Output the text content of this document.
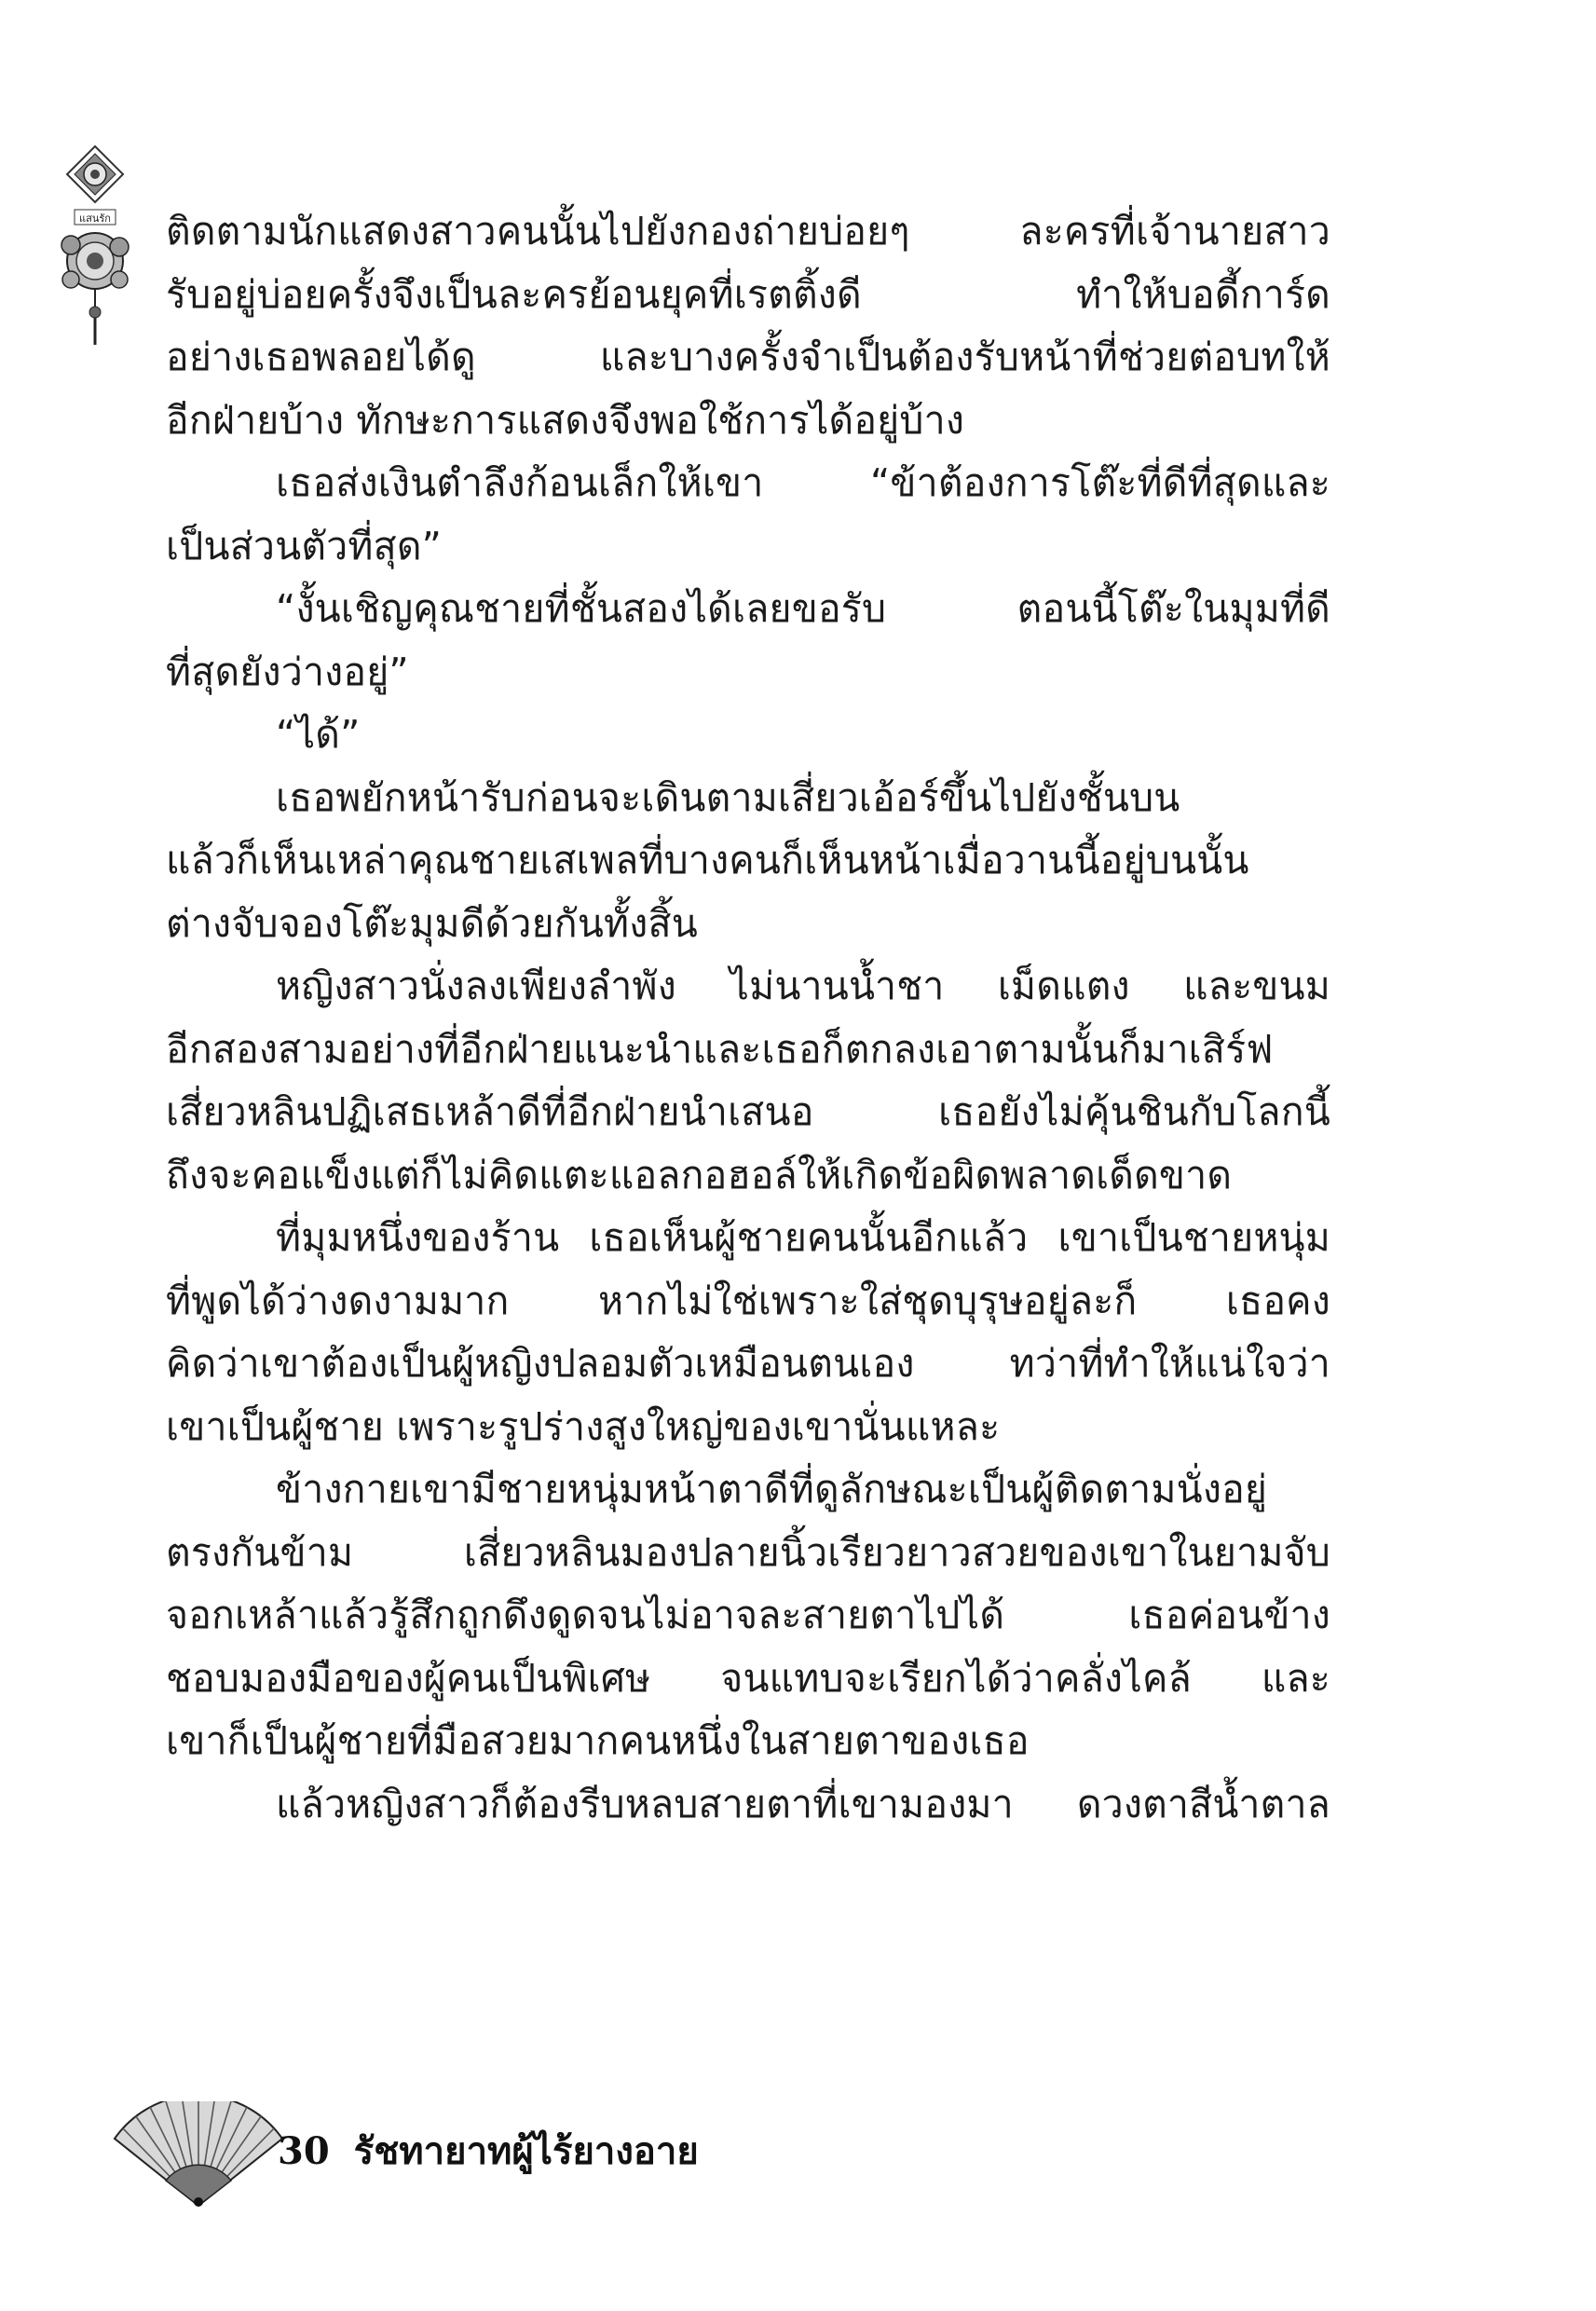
แสนรัก ติดตามนักแสดงสาวคนนั้นไปยังกองถ่ายบ่อยๆ ละครที่เจ้านายสาว
รับอยู่บ่อยครั้งจึงเป็นละครย้อนยุคที่เรตติ้งดี ทำให้บอดี้การ์ด
อย่างเธอพลอยได้ดู และบางครั้งจำเป็นต้องรับหน้าที่ช่วยต่อบทให้
อีกฝ่ายบ้าง ทักษะการแสดงจึงพอใช้การได้อยู่บ้าง
เธอส่งเงินตำลึงก้อนเล็กให้เขา “ข้าต้องการโต๊ะที่ดีที่สุดและ
เป็นส่วนตัวที่สุด”
“งั้นเชิญคุณชายที่ชั้นสองได้เลยขอรับ ตอนนี้โต๊ะในมุมที่ดี
ที่สุดยังว่างอยู่”
“ได้”
เธอพยักหน้ารับก่อนจะเดินตามเสี่ยวเอ้อร์ขึ้นไปยังชั้นบน
แล้วก็เห็นเหล่าคุณชายเสเพลที่บางคนก็เห็นหน้าเมื่อวานนี้อยู่บนนั้น
ต่างจับจองโต๊ะมุมดีด้วยกันทั้งสิ้น
หญิงสาวนั่งลงเพียงลำพัง ไม่นานน้ำชา เม็ดแตง และขนม
อีกสองสามอย่างที่อีกฝ่ายแนะนำและเธอก็ตกลงเอาตามนั้นก็มาเสิร์ฟ
เสี่ยวหลินปฏิเสธเหล้าดีที่อีกฝ่ายนำเสนอ เธอยังไม่คุ้นชินกับโลกนี้
ถึงจะคอแข็งแต่ก็ไม่คิดแตะแอลกอฮอล์ให้เกิดข้อผิดพลาดเด็ดขาด
ที่มุมหนึ่งของร้าน เธอเห็นผู้ชายคนนั้นอีกแล้ว เขาเป็นชายหนุ่ม
ที่พูดได้ว่างดงามมาก หากไม่ใช่เพราะใส่ชุดบุรุษอยู่ละก็ เธอคง
คิดว่าเขาต้องเป็นผู้หญิงปลอมตัวเหมือนตนเอง ทว่าที่ทำให้แน่ใจว่า
เขาเป็นผู้ชาย เพราะรูปร่างสูงใหญ่ของเขานั่นแหละ
ข้างกายเขามีชายหนุ่มหน้าตาดีที่ดูลักษณะเป็นผู้ติดตามนั่งอยู่
ตรงกันข้าม เสี่ยวหลินมองปลายนิ้วเรียวยาวสวยของเขาในยามจับ
จอกเหล้าแล้วรู้สึกถูกดึงดูดจนไม่อาจละสายตาไปได้ เธอค่อนข้าง
ชอบมองมือของผู้คนเป็นพิเศษ จนแทบจะเรียกได้ว่าคลั่งไคล้ และ
เขาก็เป็นผู้ชายที่มือสวยมากคนหนึ่งในสายตาของเธอ
แล้วหญิงสาวก็ต้องรีบหลบสายตาที่เขามองมา ดวงตาสีน้ำตาล
30 รัชทายาทผู้ไร้ยางอาย
